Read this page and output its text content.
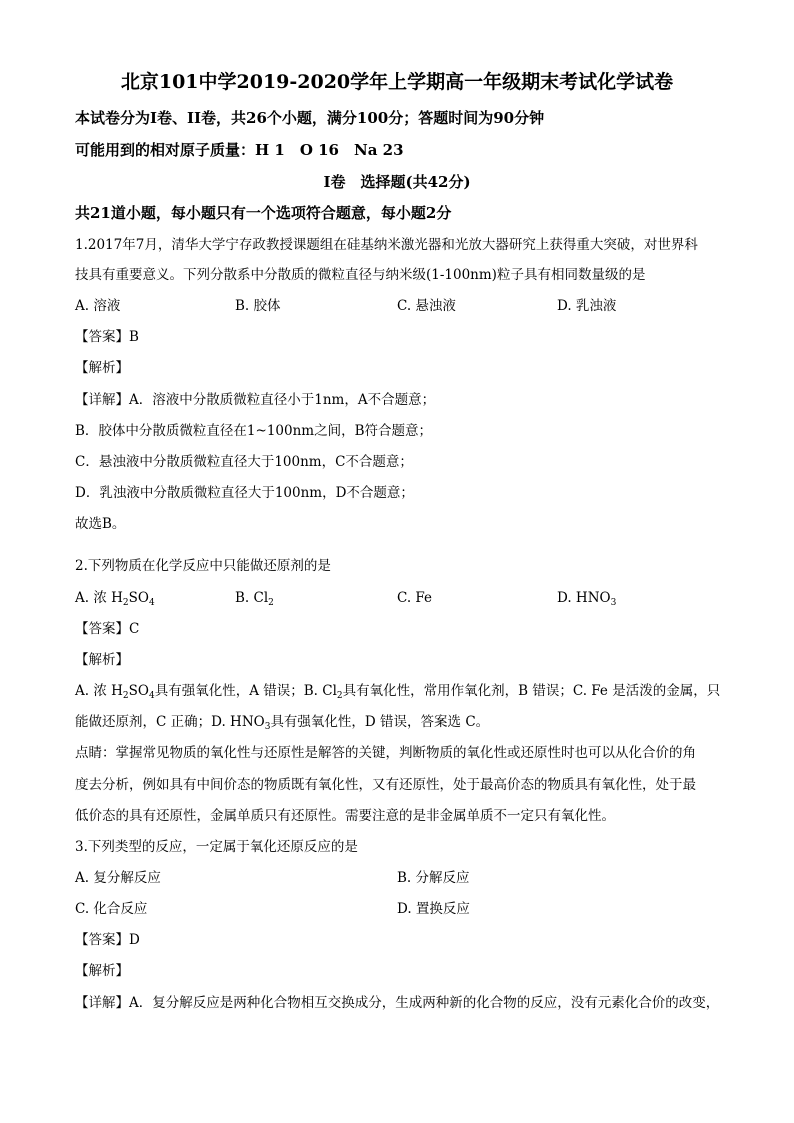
北京101中学2019-2020学年上学期高一年级期末考试化学试卷
本试卷分为I卷、II卷，共26个小题，满分100分；答题时间为90分钟
可能用到的相对原子质量：H 1　O 16　Na 23
I卷　选择题(共42分)
共21道小题，每小题只有一个选项符合题意，每小题2分
1.2017年7月，清华大学宁存政教授课题组在硅基纳米激光器和光放大器研究上获得重大突破，对世界科
技具有重要意义。下列分散系中分散质的微粒直径与纳米级(1-100nm)粒子具有相同数量级的是
A. 溶液	B. 胶体	C. 悬浊液	D. 乳浊液
【答案】B
【解析】
【详解】A．溶液中分散质微粒直径小于1nm，A不合题意；
B．胶体中分散质微粒直径在1~100nm之间，B符合题意；
C．悬浊液中分散质微粒直径大于100nm，C不合题意；
D．乳浊液中分散质微粒直径大于100nm，D不合题意；
故选B。
2.下列物质在化学反应中只能做还原剂的是
A. 浓 $H_2SO_4$	B. $Cl_2$	C. Fe	D. $HNO_3$
【答案】C
【解析】
A. 浓 $H_2SO_4$具有强氧化性，A 错误；B. $Cl_2$具有氧化性，常用作氧化剂，B 错误；C. Fe 是活泼的金属，只
能做还原剂，C 正确；D. $HNO_3$具有强氧化性，D 错误，答案选 C。
点睛：掌握常见物质的氧化性与还原性是解答的关键，判断物质的氧化性或还原性时也可以从化合价的角
度去分析，例如具有中间价态的物质既有氧化性，又有还原性，处于最高价态的物质具有氧化性，处于最
低价态的具有还原性，金属单质只有还原性。需要注意的是非金属单质不一定只有氧化性。
3.下列类型的反应，一定属于氧化还原反应的是
A. 复分解反应	B. 分解反应
C. 化合反应	D. 置换反应
【答案】D
【解析】
【详解】A．复分解反应是两种化合物相互交换成分，生成两种新的化合物的反应，没有元素化合价的改变，
